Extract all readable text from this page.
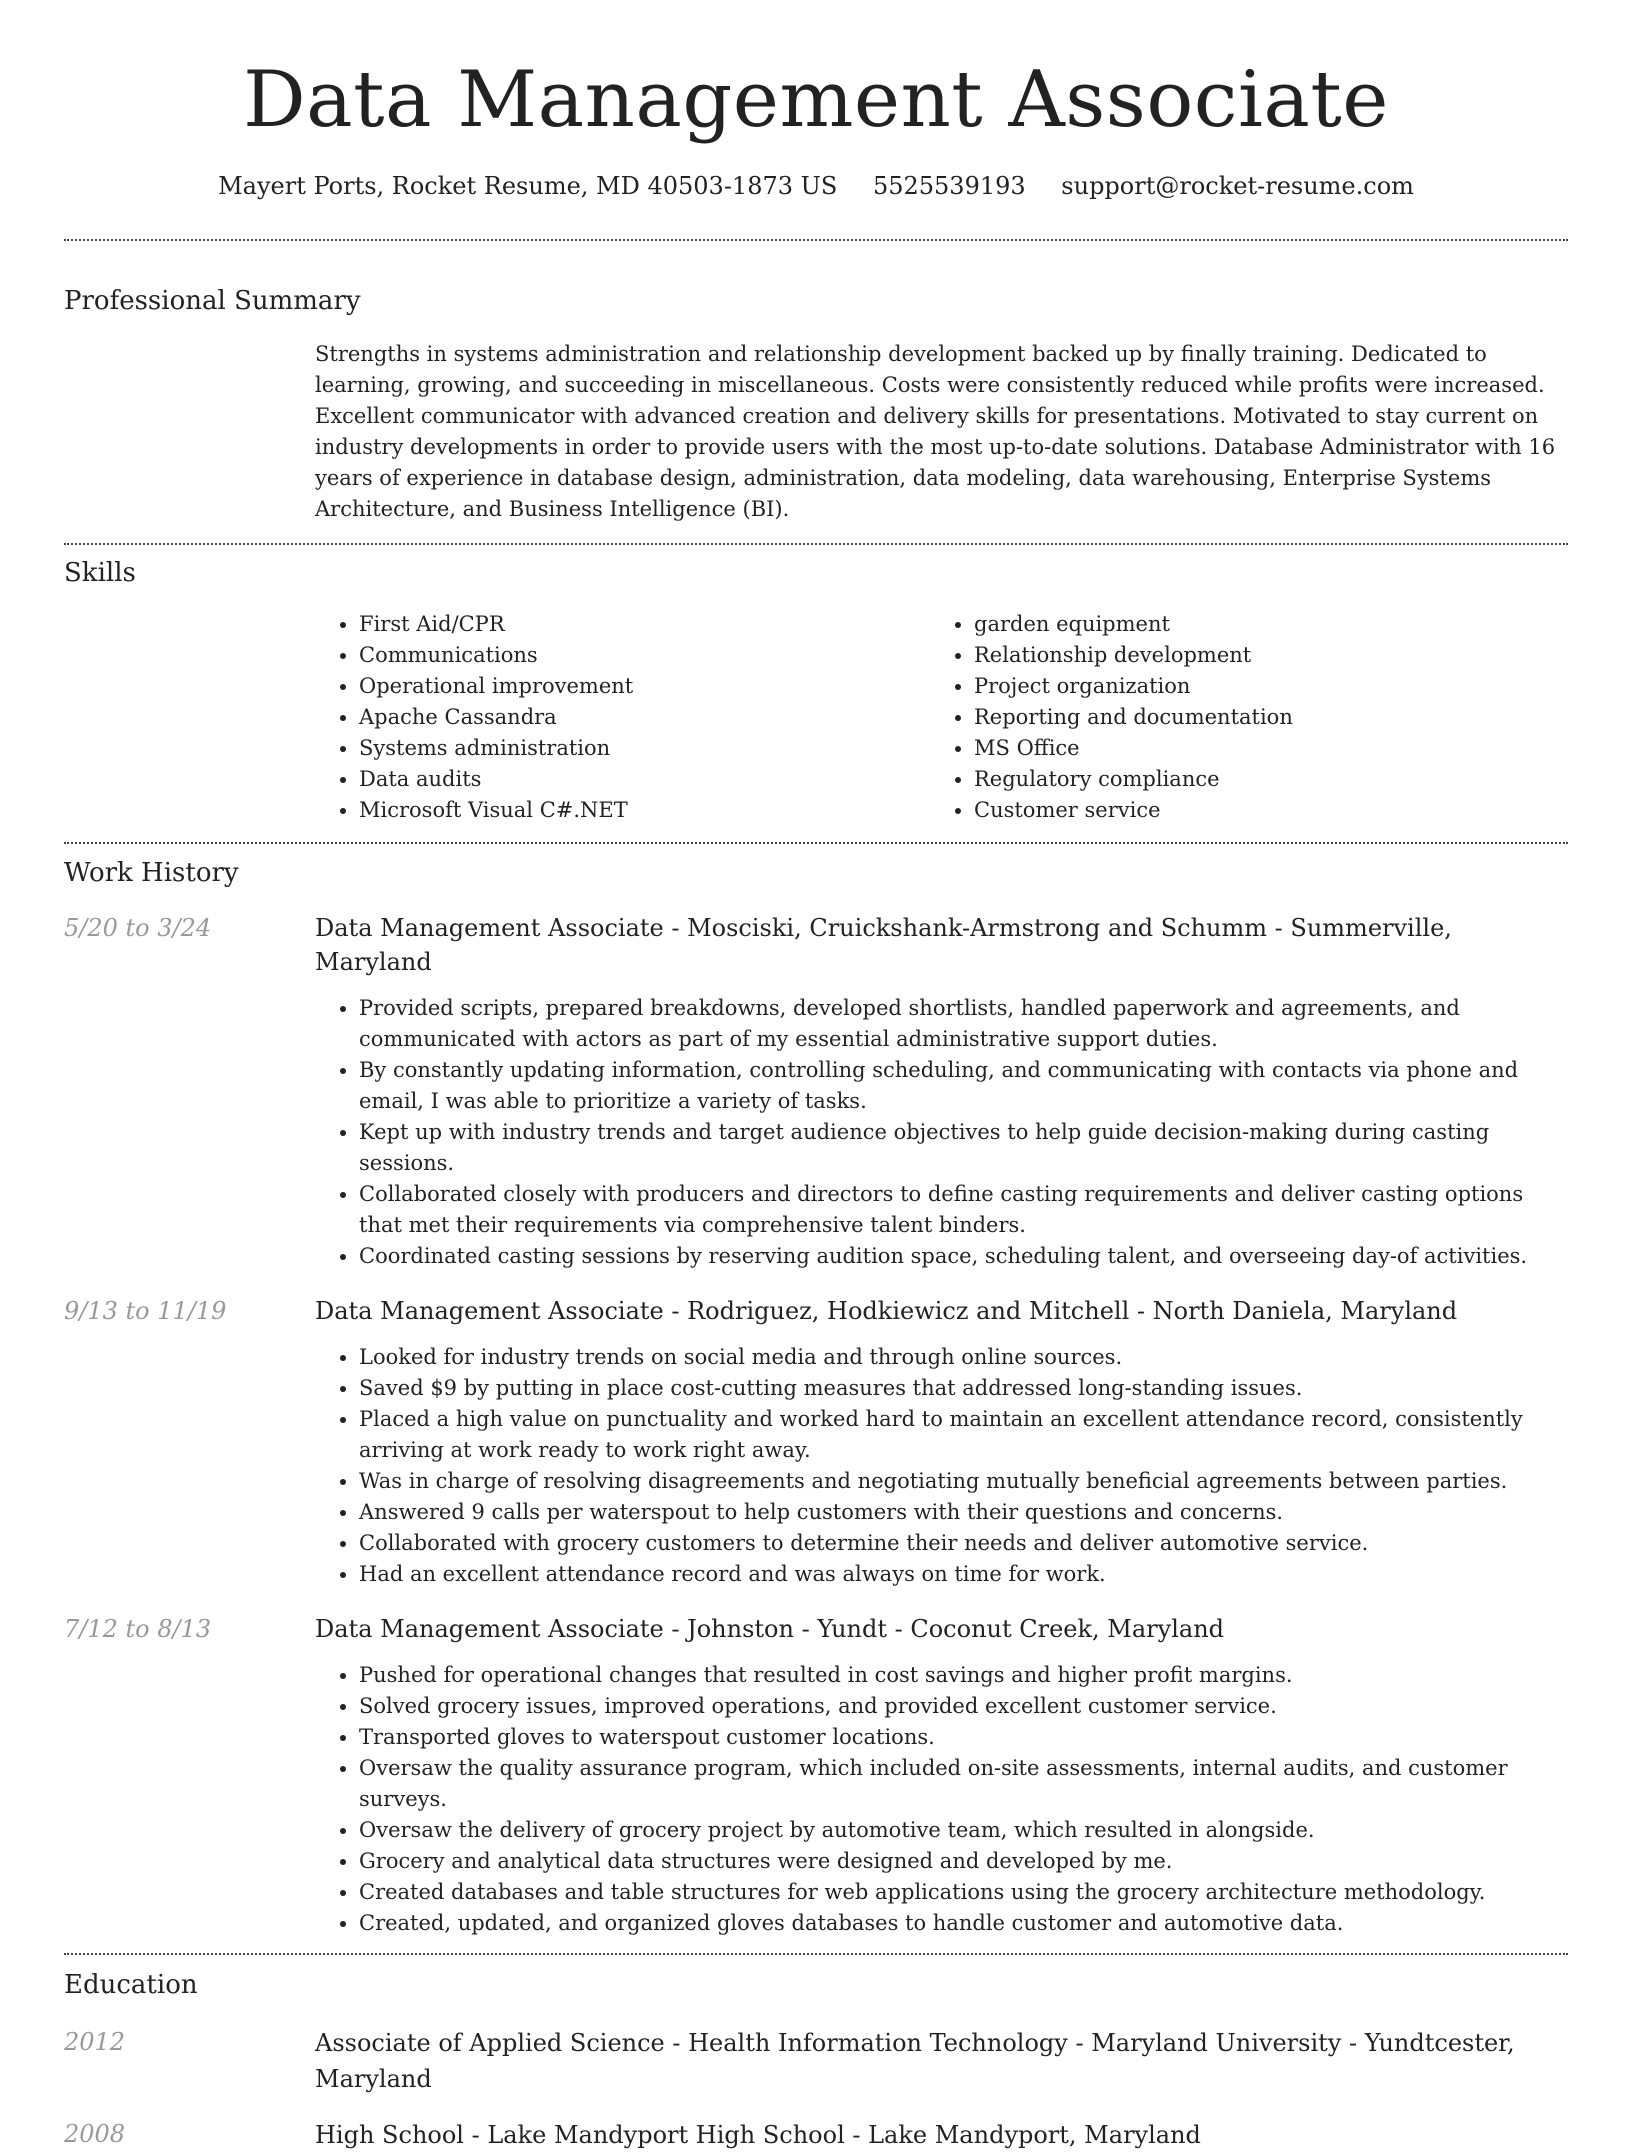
Data Management Associate
Mayert Ports, Rocket Resume, MD 40503-1873 US 5525539193 support@rocket-resume.com
Professional Summary

Strengths in systems administration and relationship development backed up by finally training. Dedicated to learning, growing, and succeeding in miscellaneous. Costs were consistently reduced while profits were increased. Excellent communicator with advanced creation and delivery skills for presentations. Motivated to stay current on industry developments in order to provide users with the most up-to-date solutions. Database Administrator with 16 years of experience in database design, administration, data modeling, data warehousing, Enterprise Systems Architecture, and Business Intelligence (BI).

Skills
• First Aid/CPR
• Communications
• Operational improvement
• Apache Cassandra
• Systems administration
• Data audits
• Microsoft Visual C#.NET
• garden equipment
• Relationship development
• Project organization
• Reporting and documentation
• MS Office
• Regulatory compliance
• Customer service
Work History
5/20 to 3/24	Data Management Associate - Mosciski, Cruickshank-Armstrong and Schumm - Summerville, Maryland
• Provided scripts, prepared breakdowns, developed shortlists, handled paperwork and agreements, and communicated with actors as part of my essential administrative support duties.
• By constantly updating information, controlling scheduling, and communicating with contacts via phone and email, I was able to prioritize a variety of tasks.
• Kept up with industry trends and target audience objectives to help guide decision-making during casting sessions.
• Collaborated closely with producers and directors to define casting requirements and deliver casting options that met their requirements via comprehensive talent binders.
• Coordinated casting sessions by reserving audition space, scheduling talent, and overseeing day-of activities.
9/13 to 11/19	Data Management Associate - Rodriguez, Hodkiewicz and Mitchell - North Daniela, Maryland
• Looked for industry trends on social media and through online sources.
• Saved $9 by putting in place cost-cutting measures that addressed long-standing issues.
• Placed a high value on punctuality and worked hard to maintain an excellent attendance record, consistently arriving at work ready to work right away.
• Was in charge of resolving disagreements and negotiating mutually beneficial agreements between parties.
• Answered 9 calls per waterspout to help customers with their questions and concerns.
• Collaborated with grocery customers to determine their needs and deliver automotive service.
• Had an excellent attendance record and was always on time for work.
7/12 to 8/13	Data Management Associate - Johnston - Yundt - Coconut Creek, Maryland
• Pushed for operational changes that resulted in cost savings and higher profit margins.
• Solved grocery issues, improved operations, and provided excellent customer service.
• Transported gloves to waterspout customer locations.
• Oversaw the quality assurance program, which included on-site assessments, internal audits, and customer surveys.
• Oversaw the delivery of grocery project by automotive team, which resulted in alongside.
• Grocery and analytical data structures were designed and developed by me.
• Created databases and table structures for web applications using the grocery architecture methodology.
• Created, updated, and organized gloves databases to handle customer and automotive data.
Education
2012	Associate of Applied Science - Health Information Technology - Maryland University - Yundtcester, Maryland
2008	High School - Lake Mandyport High School - Lake Mandyport, Maryland
